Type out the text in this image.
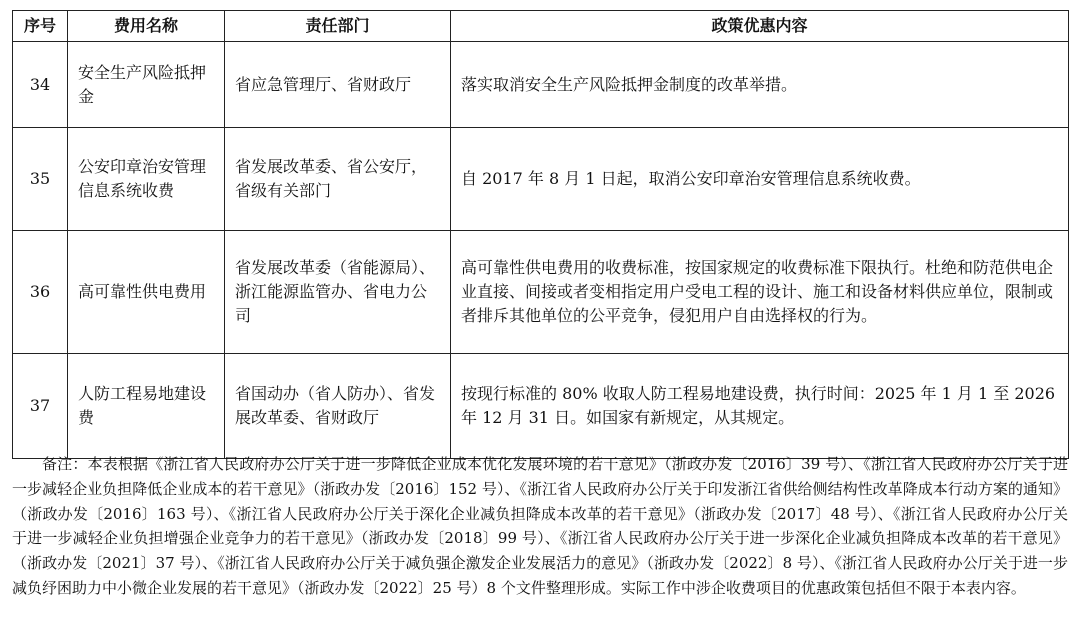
序号	费用名称	责任部门	政策优惠内容
34	安全生产风险抵押金	省应急管理厅、省财政厅	落实取消安全生产风险抵押金制度的改革举措。
35	公安印章治安管理信息系统收费	省发展改革委、省公安厅，省级有关部门	自 2017 年 8 月 1 日起，取消公安印章治安管理信息系统收费。
36	高可靠性供电费用	省发展改革委（省能源局）、浙江能源监管办、省电力公司	高可靠性供电费用的收费标准，按国家规定的收费标准下限执行。杜绝和防范供电企业直接、间接或者变相指定用户受电工程的设计、施工和设备材料供应单位，限制或者排斥其他单位的公平竞争，侵犯用户自由选择权的行为。
37	人防工程易地建设费	省国动办（省人防办）、省发展改革委、省财政厅	按现行标准的 80% 收取人防工程易地建设费，执行时间：2025 年 1 月 1 至 2026 年 12 月 31 日。如国家有新规定，从其规定。

备注：本表根据《浙江省人民政府办公厅关于进一步降低企业成本优化发展环境的若干意见》（浙政办发〔2016〕39 号）、《浙江省人民政府办公厅关于进一步减轻企业负担降低企业成本的若干意见》（浙政办发〔2016〕152 号）、《浙江省人民政府办公厅关于印发浙江省供给侧结构性改革降成本行动方案的通知》（浙政办发〔2016〕163 号）、《浙江省人民政府办公厅关于深化企业减负担降成本改革的若干意见》（浙政办发〔2017〕48 号）、《浙江省人民政府办公厅关于进一步减轻企业负担增强企业竞争力的若干意见》（浙政办发〔2018〕99 号）、《浙江省人民政府办公厅关于进一步深化企业减负担降成本改革的若干意见》（浙政办发〔2021〕37 号）、《浙江省人民政府办公厅关于减负强企激发企业发展活力的意见》（浙政办发〔2022〕8 号）、《浙江省人民政府办公厅关于进一步减负纾困助力中小微企业发展的若干意见》（浙政办发〔2022〕25 号）8 个文件整理形成。实际工作中涉企收费项目的优惠政策包括但不限于本表内容。
